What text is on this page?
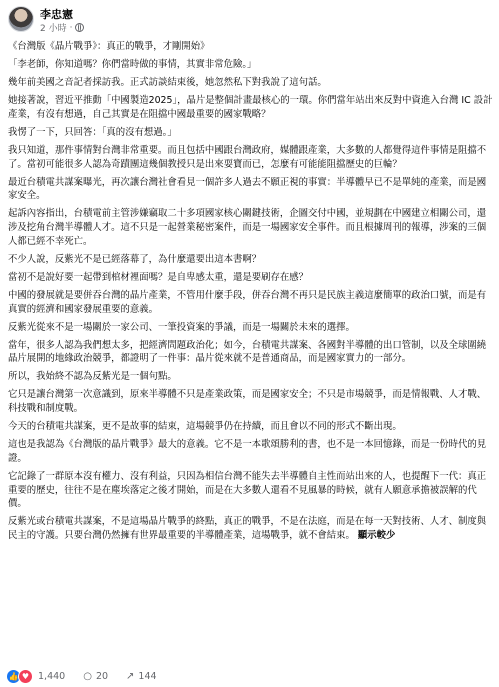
李忠憲
2 小時 ·

《台灣版《晶片戰爭》：真正的戰爭，才剛開始》

「李老師，你知道嗎？你們當時做的事情，其實非常危險。」

幾年前美國之音記者採訪我。正式訪談結束後，她忽然私下對我說了這句話。

她接著說，習近平推動「中國製造2025」，晶片是整個計畫最核心的一環。你們當年站出來反對中資進入台灣 IC 設計產業，有沒有想過，自己其實是在阻擋中國最重要的國家戰略？

我愣了一下，只回答：「真的沒有想過。」

我只知道，那件事情對台灣非常重要。而且包括中國跟台灣政府，媒體跟產業，大多數的人都覺得這件事情是阻擋不了。當初可能很多人認為奇蹟團這幾個教授只是出來耍寶而已，怎麼有可能能阻擋歷史的巨輪？

最近台積電共謀案曝光，再次讓台灣社會看見一個許多人過去不願正視的事實：半導體早已不是單純的產業，而是國家安全。

起訴內容指出，台積電前主管涉嫌竊取二十多項國家核心關鍵技術，企圖交付中國，並規劃在中國建立相關公司，還涉及挖角台灣半導體人才。這不只是一起營業秘密案件，而是一場國家安全事件。而且根據周刊的報導，涉案的三個人都已經不幸死亡。

不少人說，反紫光不是已經落幕了，為什麼還要出這本書啊？

當初不是說好要一起帶到棺材裡面嗎？是自卑感太重，還是要刷存在感？

中國的發展就是要併吞台灣的晶片產業，不管用什麼手段，併吞台灣不再只是民族主義這麼簡單的政治口號，而是有真實的經濟和國家發展重要的意義。

反紫光從來不是一場關於一家公司、一筆投資案的爭議，而是一場關於未來的選擇。

當年，很多人認為我們想太多，把經濟問題政治化；如今，台積電共謀案、各國對半導體的出口管制，以及全球圍繞晶片展開的地緣政治競爭，都證明了一件事：晶片從來就不是普通商品，而是國家實力的一部分。

所以，我始終不認為反紫光是一個句點。

它只是讓台灣第一次意識到，原來半導體不只是產業政策，而是國家安全；不只是市場競爭，而是情報戰、人才戰、科技戰和制度戰。

今天的台積電共謀案，更不是故事的結束，這場競爭仍在持續，而且會以不同的形式不斷出現。

這也是我認為《台灣版的晶片戰爭》最大的意義。它不是一本歌頌勝利的書，也不是一本回憶錄，而是一份時代的見證。

它記錄了一群原本沒有權力、沒有利益，只因為相信台灣不能失去半導體自主性而站出來的人，也提醒下一代：真正重要的歷史，往往不是在塵埃落定之後才開始，而是在大多數人還看不見風暴的時候，就有人願意承擔被誤解的代價。

反紫光或台積電共謀案，不是這場晶片戰爭的終點，真正的戰爭，不是在法庭，而是在每一天對技術、人才、制度與民主的守護。只要台灣仍然擁有世界最重要的半導體產業，這場戰爭，就不會結束。 顯示較少

👍 ♥ 1,440 ○ 20 ↗ 144
